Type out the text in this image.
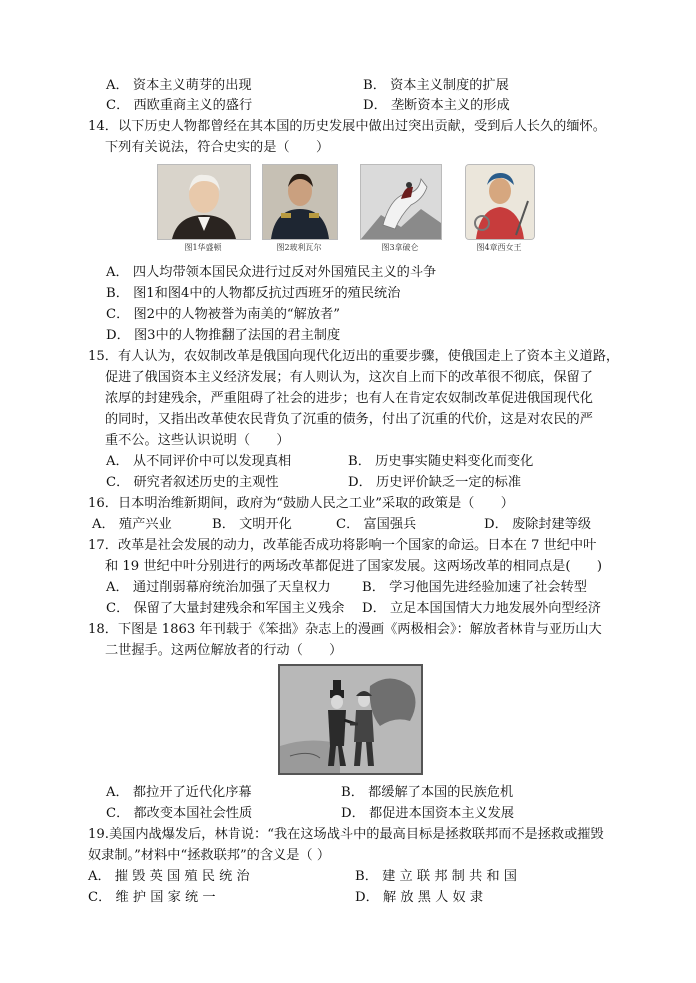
A． 资本主义萌芽的出现	B． 资本主义制度的扩展
C． 西欧重商主义的盛行	D． 垄断资本主义的形成
14．以下历史人物都曾经在其本国的历史发展中做出过突出贡献，受到后人长久的缅怀。
下列有关说法，符合史实的是（　　）
图1华盛顿	图2玻利瓦尔	图3拿破仑	图4章西女王
A． 四人均带领本国民众进行过反对外国殖民主义的斗争
B． 图1和图4中的人物都反抗过西班牙的殖民统治
C． 图2中的人物被誉为南美的“解放者”
D． 图3中的人物推翻了法国的君主制度
15．有人认为，农奴制改革是俄国向现代化迈出的重要步骤，使俄国走上了资本主义道路，
促进了俄国资本主义经济发展；有人则认为，这次自上而下的改革很不彻底，保留了
浓厚的封建残余，严重阻碍了社会的进步；也有人在肯定农奴制改革促进俄国现代化
的同时，又指出改革使农民背负了沉重的债务，付出了沉重的代价，这是对农民的严
重不公。这些认识说明（　　）
A． 从不同评价中可以发现真相	B． 历史事实随史料变化而变化
C． 研究者叙述历史的主观性	D． 历史评价缺乏一定的标准
16．日本明治维新期间，政府为“鼓励人民之工业”采取的政策是（　　）
A． 殖产兴业	B． 文明开化	C． 富国强兵	D． 废除封建等级
17．改革是社会发展的动力，改革能否成功将影响一个国家的命运。日本在 7 世纪中叶
和 19 世纪中叶分别进行的两场改革都促进了国家发展。这两场改革的相同点是(　　)
A． 通过削弱幕府统治加强了天皇权力 B． 学习他国先进经验加速了社会转型
C． 保留了大量封建残余和军国主义残余 D． 立足本国国情大力地发展外向型经济
18．下图是 1863 年刊载于《笨拙》杂志上的漫画《两极相会》：解放者林肯与亚历山大
二世握手。这两位解放者的行动（　　）
A． 都拉开了近代化序幕	B． 都缓解了本国的民族危机
C． 都改变本国社会性质	D． 都促进本国资本主义发展
19.美国内战爆发后，林肯说：“我在这场战斗中的最高目标是拯救联邦而不是拯救或摧毁
奴隶制。”材料中“拯救联邦”的含义是（ ）
A． 摧 毁 英 国 殖 民 统 治	B． 建 立 联 邦 制 共 和 国
C． 维 护 国 家 统 一	D． 解 放 黑 人 奴 隶
